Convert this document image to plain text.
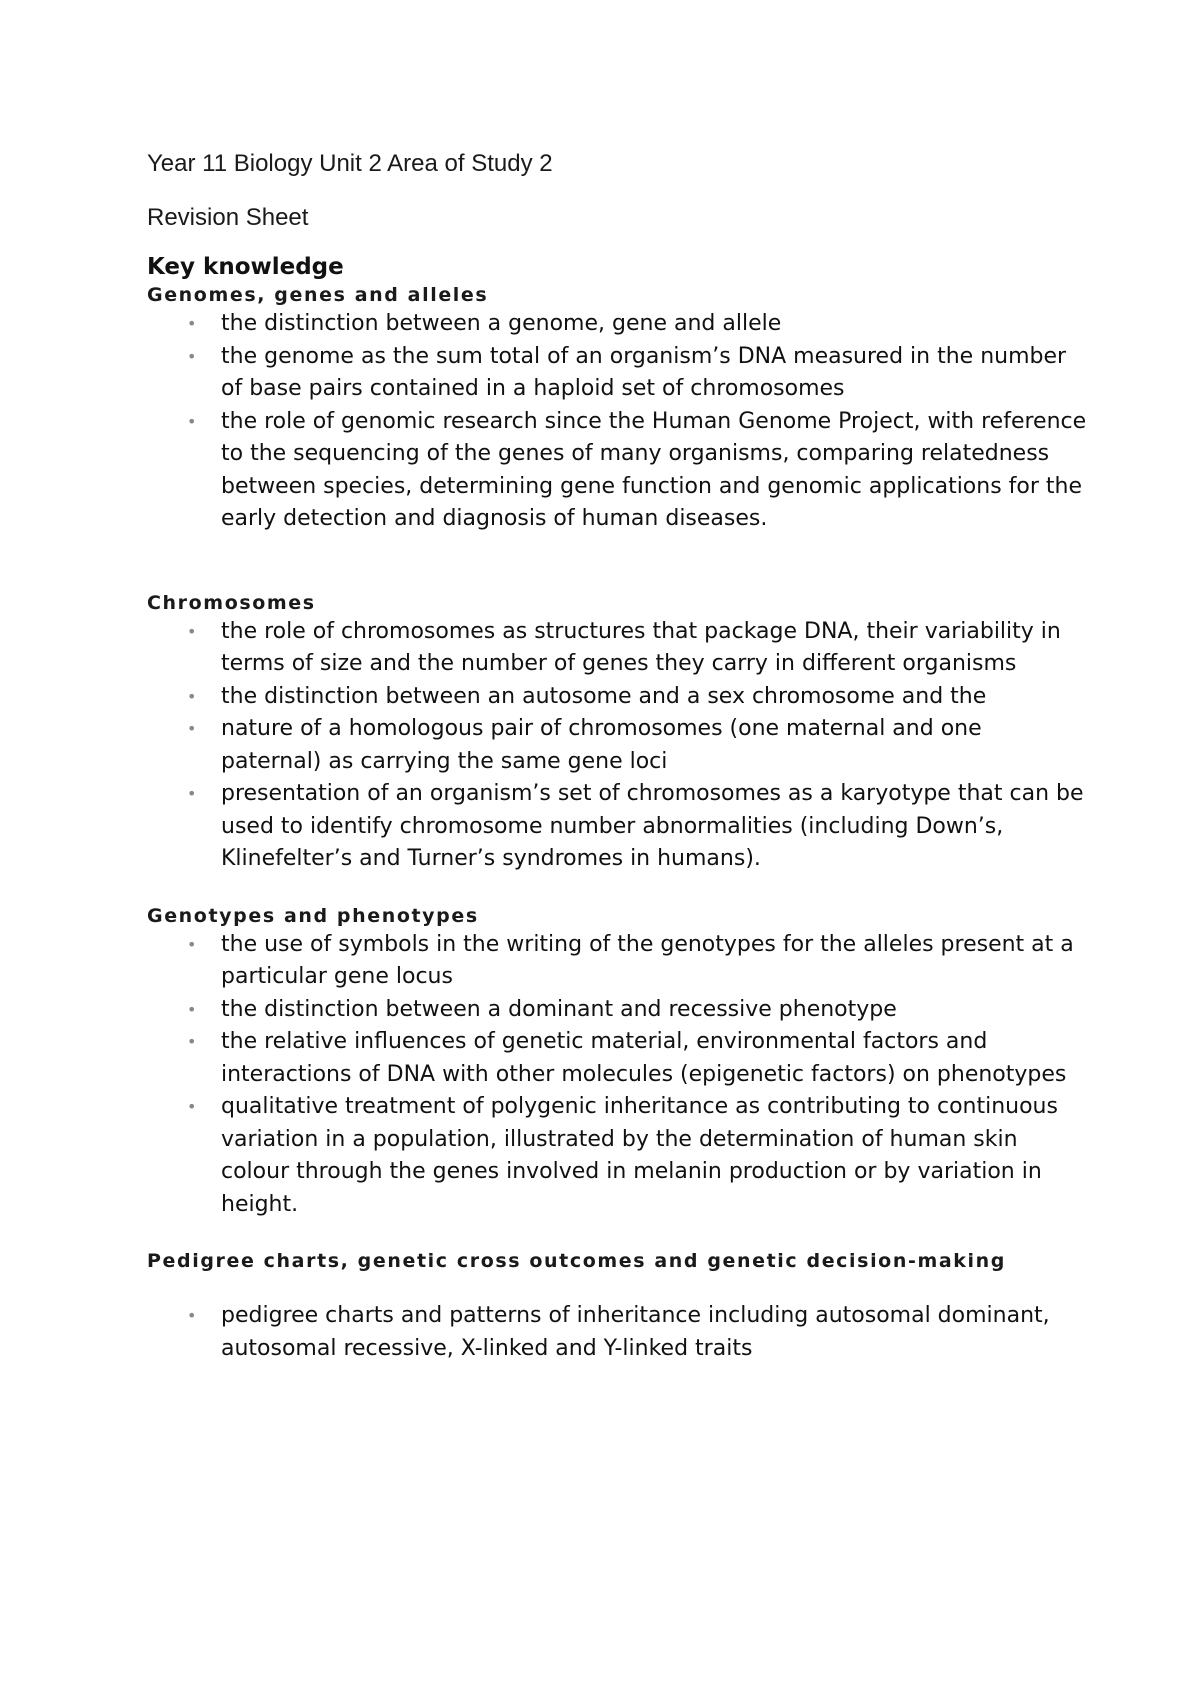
Year 11 Biology Unit 2 Area of Study 2
Revision Sheet
Key knowledge
Genomes, genes and alleles
• the distinction between a genome, gene and allele
• the genome as the sum total of an organism’s DNA measured in the number of base pairs contained in a haploid set of chromosomes
• the role of genomic research since the Human Genome Project, with reference to the sequencing of the genes of many organisms, comparing relatedness between species, determining gene function and genomic applications for the early detection and diagnosis of human diseases.
Chromosomes
• the role of chromosomes as structures that package DNA, their variability in terms of size and the number of genes they carry in different organisms
• the distinction between an autosome and a sex chromosome and the
• nature of a homologous pair of chromosomes (one maternal and one paternal) as carrying the same gene loci
• presentation of an organism’s set of chromosomes as a karyotype that can be used to identify chromosome number abnormalities (including Down’s, Klinefelter’s and Turner’s syndromes in humans).
Genotypes and phenotypes
• the use of symbols in the writing of the genotypes for the alleles present at a particular gene locus
• the distinction between a dominant and recessive phenotype
• the relative influences of genetic material, environmental factors and interactions of DNA with other molecules (epigenetic factors) on phenotypes
• qualitative treatment of polygenic inheritance as contributing to continuous variation in a population, illustrated by the determination of human skin colour through the genes involved in melanin production or by variation in height.
Pedigree charts, genetic cross outcomes and genetic decision-making
• pedigree charts and patterns of inheritance including autosomal dominant, autosomal recessive, X-linked and Y-linked traits
